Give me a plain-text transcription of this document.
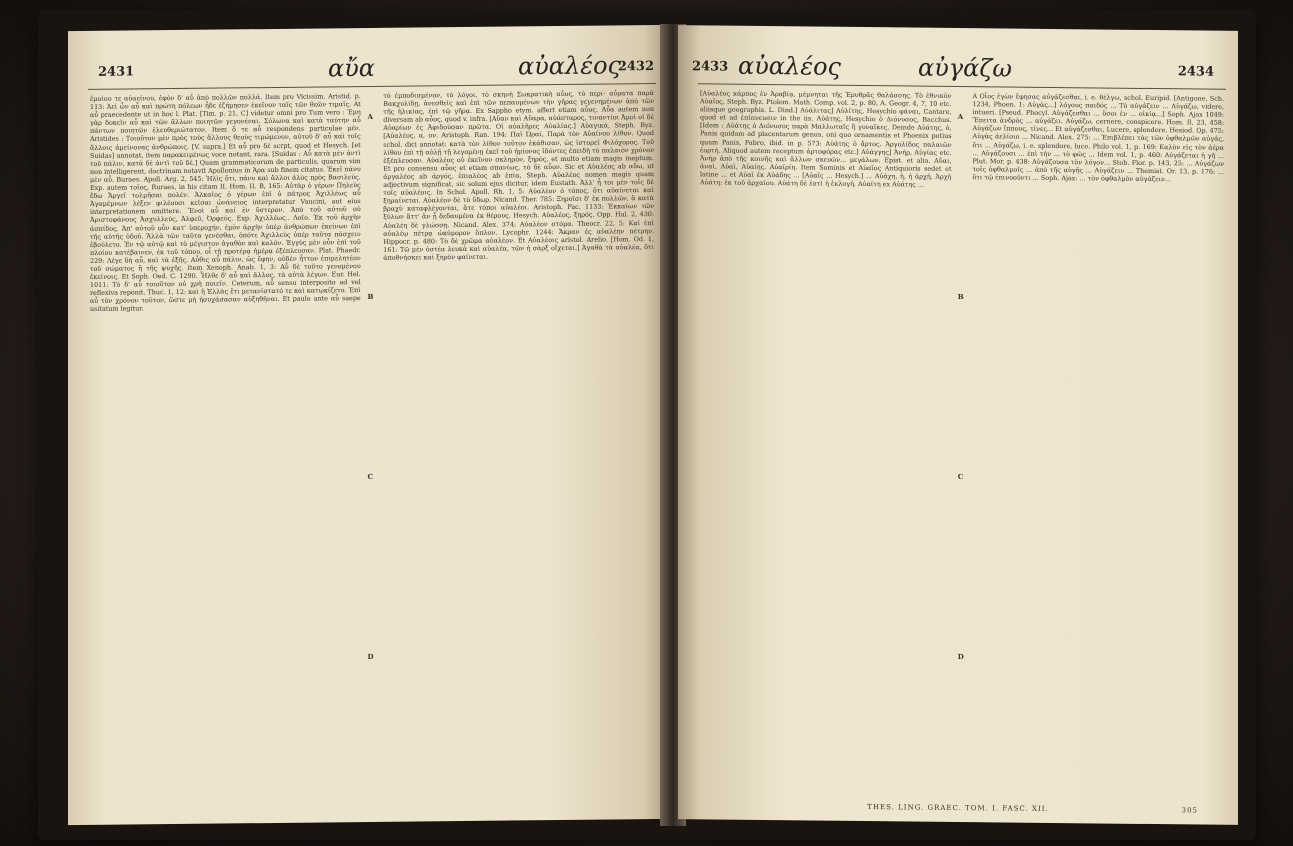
2431	αὔα	αὐαλέος
2432
ἐμοίου τε αὐαείνου, ἐφὸν δ' αὖ ἀπὸ πολλῶν πολλά. Item pro Vicissim. Aristid. p. 113: Ἀεὶ ὧν αὖ καὶ πρώτη πόλεων ἦδε ἐζήμησεν ἐκεῖνον ταῖς τῶν θεῶν τιμαῖς. At αὖ praecedente ut in hoc l. Plat. [Tim. p. 21, C] videtur omni pro Tum vero : Ἐμη γὰρ δοκεῖν αὖ καὶ τῶν ἄλλων ποιητῶν γεγονέναι. Σόλωνα καὶ κατὰ ταύτην αὖ πάντων ποιητῶν ἐλευθεριώτατον. Item ὅ τε αὖ respondens particulae μέν. Aristides : Τοιοῦτον μὲν πρὸς τοὺς ἄλλους θεοὺς τιμώμενον, αὐτοῦ δ' αὖ καὶ τοῖς ἄλλοις ἀμείνονας ἀνθρώποις. [V. supra.] Et αὖ pro δέ scrpt, quod et Hesych. [et Suidas] annotat, item παρακειμένως voce notant, rara. [Suidas : Αὖ κατὰ μὲν ἀντὶ τοῦ πάλιν, κατὰ δὲ ἀντὶ τοῦ δέ.] Quam grammaticorum de particulis, quarum vim non intelligerent, doctrinam notavit Apollonius in Ἀρα sub finem citatus. Ἐκεῖ πάνυ μὲν αὖ. Buraes. Apoll. Arg. 2, 545: Ἠλὶς ὅτι, πάνυ καὶ ἄλλοι ἀλὸς πρὸς Βασιλεύς. Exp. autem τοῖος, Ruraes, in his citam II. Hom. II. B, 165: Αὐτὰρ ὁ γέρων Πηλεὺς ἔδω Ἄργεῖ τολμῆσαι πολέν. Ἀλκαῖος ὁ γέρων ἐπὶ ὁ πάτρος Ἀχιλλέως αὖ Ἀγαμέμνων λέξεν φιλέουσι κεῖσαι ὠνάνειος interpretatur Vaucini, aut eius interpretationem omittere. Ἔνοὶ αὖ καί ἐν ὕστερον. Ἀπὸ τοῦ αὐτοῦ οὐ Ἀριστοφάνους Ἀσχυλλεύς, Ἀλφεῦ, Ὀρφεύς. Exp. Ἀχιλλέως.. Λοῖο. Ἐκ τοῦ ἀρχὴν ἀσπίδος. Ἀπ' αὐτοῦ οὖν κατ' ὑπεροχήν, ἐμὸν ἀρχὴν ὑπὲρ ἀνθρώπων ἐκείνων ἐπὶ τῆς αὐτῆς ὁδοῦ. Ἄλλὰ τῶν ταῦτα γενέσθαι, ὁπότε Ἀχιλλεὺς ὑπὲρ ταῦτα πάσχειν ἐβούλετο. Ἐν τῷ αὐτῷ καὶ τὸ μέγιστον ἀγαθὸν καὶ καλόν. Ἐγγὺς μὲν οὖν ἐπὶ τοῦ πλοίου κατέβαινεν, ἐκ τοῦ τόπου, οἷ τῇ προτέρᾳ ἡμέρᾳ ἐξέπλευσαν. Plat. Phaedr. 229: Λέγε δὴ αὖ, καὶ τὰ ἑξῆς. Αὖθις αὖ πάλιν, ὡς ἔφην, οὐδὲν ἧττον ἐπιμελητέον τοῦ σώματος ἢ τῆς ψυχῆς. Item Xenoph. Anab. 1, 3: Αὖ δὲ τοῦτο γενομένου ἐκείνοις. Et Soph. Oed. C. 1290. Ἦλθε δ' αὖ καὶ ἄλλος, τὰ αὐτὰ λέγων. Eur. Hel. 1011: Τὸ δ' αὖ τοιοῦτον οὐ χρὴ ποιεῖν. Ceterum, αὖ sensu interposito ad vel reflexiva reponit. Thuc. 1, 12: καὶ ἡ Ἑλλὰς ἔτι μετανίστατό τε καὶ κατῳκίζετο. Ἐπὶ αὖ τὸν χρόνον τοῦτον, ὥστε μὴ ἡσυχάσασαν αὐξηθῆναι. Et paulo ante αὖ saepe usitatum legitur.
τὸ ἐμποδισμένον, τὸ λόγοι, τὸ σκηνὴ Σωκρατικὴ αὖος, τὸ περι- αὖρατα παρὰ Βακχυλίδῃ, ἀνεσθεὶς καὶ ἐπὶ τῶν πεπαυμένων τὴν γῆρας γεγενημένων ἀπὸ τῶν τῆς ἡλικίας, ἐπὶ τῷ γῆρᾳ. Ex Sappho etym. affert etiam αὖος. Αὖα autem non diversam ab αὖος, quod v. infra. [Αὔαν καὶ Αὔαρα, αὐάσταρος, τιναντίοι Ἀμοὶ οἱ δὲ Αὐαρίων ἐς Ἀφιδούσαν πρῶτα. Οἱ αὐαλῆρες Αὐαλίας.] Αὐαγικά, Steph. Byz. [Αὐαλέος, α, ον. Aristoph. Ran. 194: Παῖ Ὠραί, Παρὰ τὸν Αὐαίνου λίθον. Quod schol. dici annotat: κατὰ τὸν λίθον τοῦτον ἐκάθισαν, ὡς ἱστορεῖ Φιλόχορος. Τοῦ λίθου ἐπὶ τῇ αὐλῇ τῇ λεγομένῃ ἐκεῖ τοῦ ἡμίονος ἰδόντες ἐπειδὴ τὸ παλαιὸν χρόνον ἐξέπλευσαν. Αὐαλέος οὐ ἐκεῖνον σκληρὸν, ξηρὸς, et multo etiam magis ineptum. Et pro consensu αὖος et etiam σπανίως, τὸ δὲ αὖον. Sic et Αὐαλέος ab αὔω, ut ἀργαλέος ab ἀργός, ἐπιαλέος ab ἐπία, Steph. Αὐαλέος nomen magis quam adjectivum significat, sic solum ejus dicitur, idem Eustath. Ἀλλ' ἦ τοι μὲν τοῖς δὲ τοῖς αὐαλέοις. In Schol. Apoll. Rh. 1, 5: Αὐαλέον ὁ τόπος, ὅτι αὐαίνεται καὶ ξηραίνεται. Αὐαλέον δὲ τὸ ὕδωρ. Nicand. Ther. 785: Ξηροῖσι δ' ἐκ πολλῶν, ἃ κατὰ βραχὺ καταφλέγονται, ἅτε τόποι αὐαλέοι. Aristoph. Pac. 1133: Ἐκκαίων τῶν ξύλων ἅττ' ἂν ᾖ δεδαυμένα ἐκ θέρους. Hesych. Αὐαλέος, ξηρός. Opp. Hal. 2, 430: Αὐαλέη δὲ γλώσσῃ. Nicand. Alex. 374: Αὐαλέον στόμα. Theocr. 22, 5: Καὶ ἐπὶ αὐαλέῳ πέτρᾳ ὠκύμορον ὅπλον. Lycophr. 1244: Ἄκραν ἐς αὐαλέην πέτρην. Hippocr. p. 480: Τὸ δὲ χρῶμα αὐαλέον. Et Αὐαλέοις aristol. Arelio. [Hom. Od. 1, 161: Τῶ μὲν ὀστέα λευκὰ καὶ αὐαλέα, τῶν ἡ σὰρξ οἴχεται.] Ἀγαθὰ τὰ αὐαλέα, ὅτι ἀποθνήσκει καὶ ξηρὸν φαίνεται.
A
B
C
D
2433 αὐαλέος	αὐγάζω	2434
[Αὐαλέος κάρπος ἐν Ἀραβίᾳ, μέμνηται τῆς Ἐρυθρᾶς θαλάσσης. Τὸ ἐθνικὸν Αὐαῖος, Steph. Byz. Ptolem. Math. Comp. vol. 2, p. 80, A. Geogr. 4, 7, 10 etc. aliisque geographis. L. Dind.] Αὐάλιτας] Αὐλίτης, Hesychio φάναι, Cantare, quod et ad ἐπίπνευσιν in the iis. Αὐάτης, Hesychio ὁ Διόνυσος, Bacchus. [Idem : Αὐάτης ὁ Διόνυσος παρὰ Μαλλωταῖς ἢ γυναῖκες. Deinde Αὐάτης, ὁ, Panis quidam ad placentarum genus, oni quo ornamentis et Phoenix potius quam Panis, Fabro, ibid. in p. 573: Αὐάτης ὁ ἄρτος. Ἀργολίδος παλαιῶν ἑορτή. Aliquod autem receptum ἀρτοφόρας etc.] Αὐάγγης] Ἀνήρ, Αὐγίας etc. Ἀνὴρ ἀπὸ τῆς κοινῆς καὶ ἄλλων σκευῶν... μεγάλων. Epist. et alia. Αὔαι, ἀναὶ, Αὐαὶ, Αὐαίης. Αὐαϊρίη. Item Sominis et Αὐαῖος Antiquioris sedet et latine ... et Αὐαὶ ἐκ Αὐάδης ... [Αὐαῖς ... Hesych.] ... Αὐάχη, ἡ, ἡ ἀρχή. Ἀρχὴ Αὐάτη: ἐκ τοῦ ἀρχαίου. Αὐάτη δὲ ἐστὶ ἡ ἐκλογή. Αὐαίτη ex Αὐάτης ...
A Οἷος ἐγὼν ἔφησας αὐγάζεσθαι, i. e. θέλγω, schol. Euripid. [Antigone, Sch. 1234, Phoen. 1: Αὐγὰς...] λόγους παιδός ... Τὸ αὐγάζειν ... Αὐγάζω, videre, intueri. [Pseud. Phocyl. Αὐγάζεσθαι ... ὅσοι ἐν ... οἰκίᾳ...] Soph. Ajax 1049: Ἔπειτα ἀνδρὸς ... αὐγάζει. Αὐγάζω, cernere, conspicere. Hom. Il. 23, 458: Αὐγάζων ἵππους, τίνες... Et αὐγάζεσθαι, Lucere, splendere. Hesiod. Op. 475: Αὐγὰς ἀελίοιο ... Nicand. Alex. 275: ... Ἐπιβλέπει τὰς τῶν ὀφθαλμῶν αὐγάς, ὅτι ... Αὐγάζω, i. e. splendore, luce. Philo vol. 1, p. 169: Καλὸν εἰς τὸν ἀέρα ... Αὐγάζουσι ... ἐπὶ τὴν ... τὸ φῶς ... Idem vol. 1, p. 460: Αὐγάζεται ἡ γῆ ... Plut. Mor. p. 438: Αὐγάζουσα τὸν λόγον... Stob. Flor. p. 143, 25: ... Αὐγάζων τοῖς ὀφθαλμοῖς ... ἀπὸ τῆς αὐγῆς ... Αὐγάζειν ... Themist. Or. 13, p. 176: ... ὅτι τῷ ἐπινοοῦντι ... Soph. Ajax: ... τὸν ὀφθαλμὸν αὐγάζειν...
A
B
C
D
THES. LING. GRAEC. TOM. I. FASC. XII.	305
